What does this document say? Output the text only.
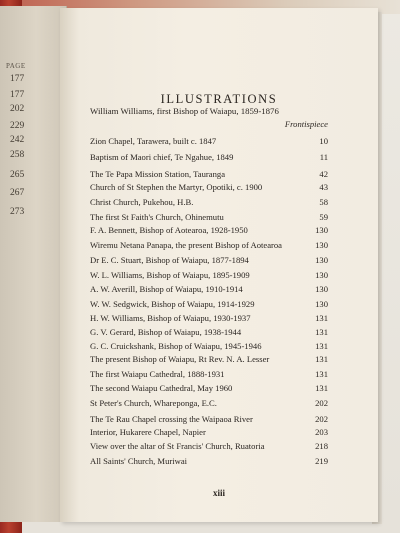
PAGE
177
177
202
229
242
258
265
267
273
ILLUSTRATIONS
William Williams, first Bishop of Waiapu, 1859-1876
Frontispiece
Zion Chapel, Tarawera, built c. 1847	10
Baptism of Maori chief, Te Ngahue, 1849	11
The Te Papa Mission Station, Tauranga	42
Church of St Stephen the Martyr, Opotiki, c. 1900	43
Christ Church, Pukehou, H.B.	58
The first St Faith's Church, Ohinemutu	59
F. A. Bennett, Bishop of Aotearoa, 1928-1950	130
Wiremu Netana Panapa, the present Bishop of Aotearoa	130
Dr E. C. Stuart, Bishop of Waiapu, 1877-1894	130
W. L. Williams, Bishop of Waiapu, 1895-1909	130
A. W. Averill, Bishop of Waiapu, 1910-1914	130
W. W. Sedgwick, Bishop of Waiapu, 1914-1929	130
H. W. Williams, Bishop of Waiapu, 1930-1937	131
G. V. Gerard, Bishop of Waiapu, 1938-1944	131
G. C. Cruickshank, Bishop of Waiapu, 1945-1946	131
The present Bishop of Waiapu, Rt Rev. N. A. Lesser	131
The first Waiapu Cathedral, 1888-1931	131
The second Waiapu Cathedral, May 1960	131
St Peter's Church, Wharepongа, E.C.	202
The Te Rau Chapel crossing the Waipaoa River	202
Interior, Hukarere Chapel, Napier	203
View over the altar of St Francis' Church, Ruatoria	218
All Saints' Church, Muriwai	219
xiii
